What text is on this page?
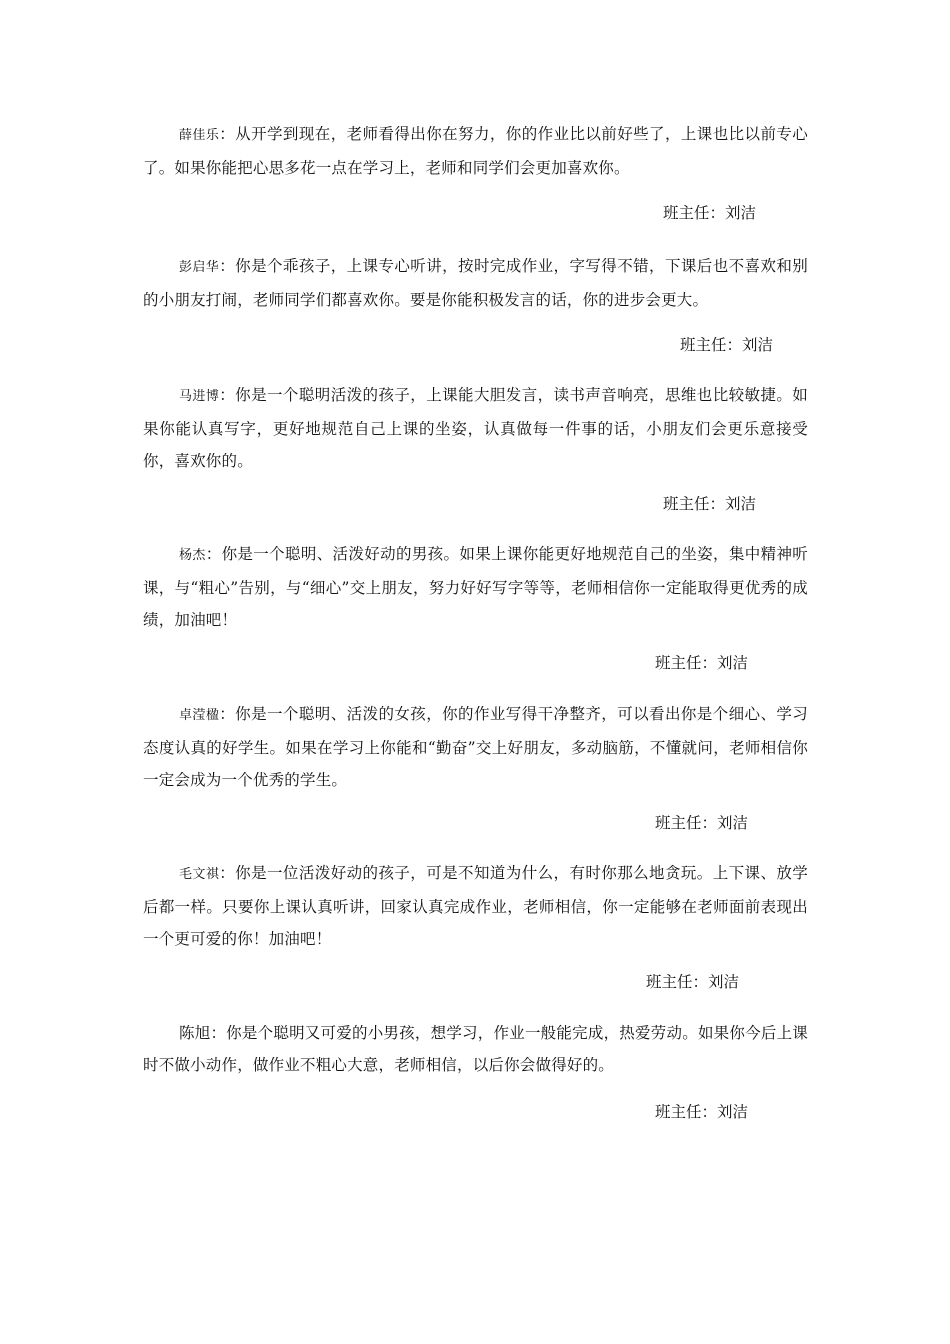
薛佳乐：从开学到现在，老师看得出你在努力，你的作业比以前好些了，上课也比以前专心了。如果你能把心思多花一点在学习上，老师和同学们会更加喜欢你。

班主任：刘洁

彭启华：你是个乖孩子，上课专心听讲，按时完成作业，字写得不错，下课后也不喜欢和别的小朋友打闹，老师同学们都喜欢你。要是你能积极发言的话，你的进步会更大。

班主任：刘洁

马进博：你是一个聪明活泼的孩子，上课能大胆发言，读书声音响亮，思维也比较敏捷。如果你能认真写字，更好地规范自己上课的坐姿，认真做每一件事的话，小朋友们会更乐意接受你，喜欢你的。

班主任：刘洁

杨杰：你是一个聪明、活泼好动的男孩。如果上课你能更好地规范自己的坐姿，集中精神听课，与“粗心”告别，与“细心”交上朋友，努力好好写字等等，老师相信你一定能取得更优秀的成绩，加油吧！

班主任：刘洁

卓滢楹：你是一个聪明、活泼的女孩，你的作业写得干净整齐，可以看出你是个细心、学习态度认真的好学生。如果在学习上你能和“勤奋”交上好朋友，多动脑筋，不懂就问，老师相信你一定会成为一个优秀的学生。

班主任：刘洁

毛文祺：你是一位活泼好动的孩子，可是不知道为什么，有时你那么地贪玩。上下课、放学后都一样。只要你上课认真听讲，回家认真完成作业，老师相信，你一定能够在老师面前表现出一个更可爱的你！加油吧！

班主任：刘洁

陈旭：你是个聪明又可爱的小男孩，想学习，作业一般能完成，热爱劳动。如果你今后上课时不做小动作，做作业不粗心大意，老师相信，以后你会做得好的。

班主任：刘洁
